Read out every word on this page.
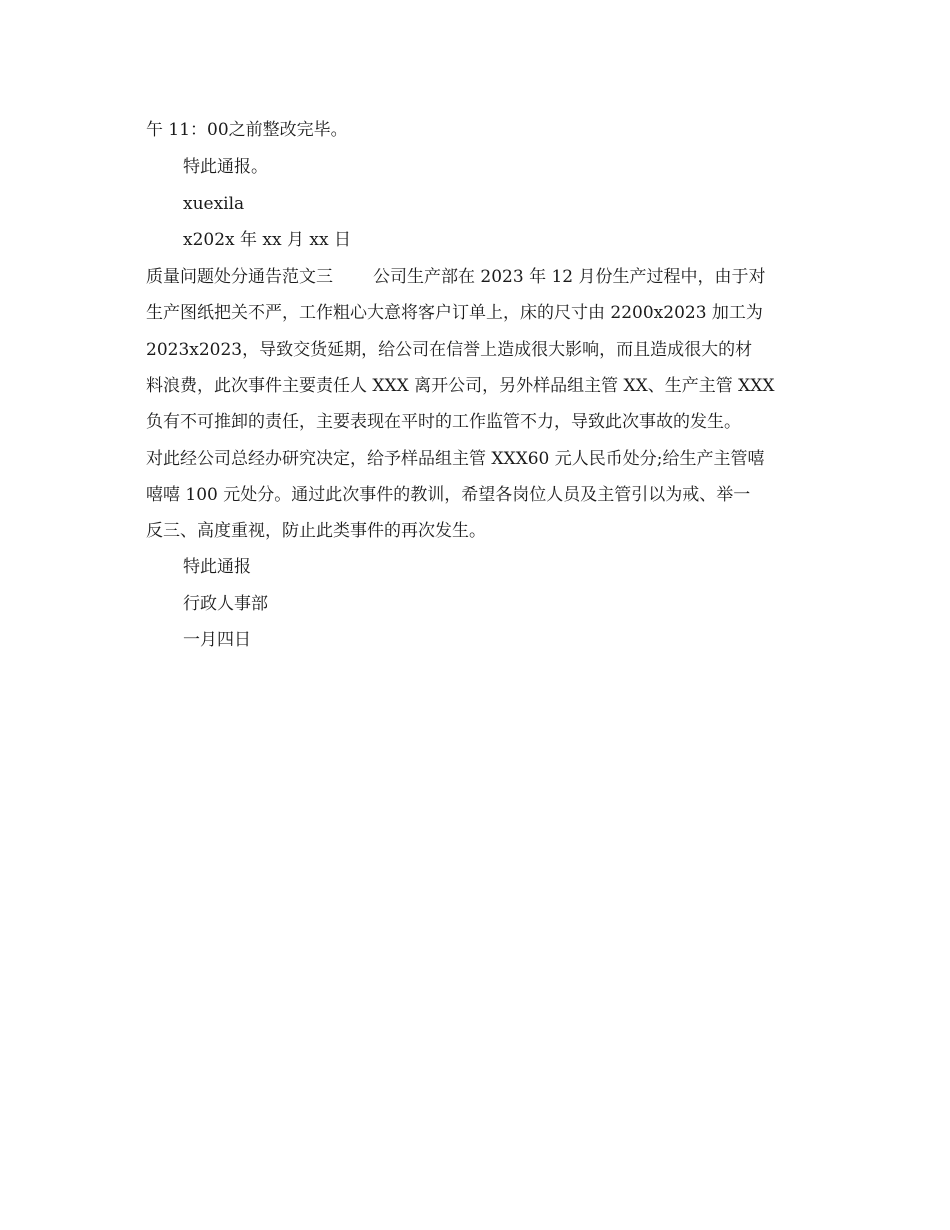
午 11：00之前整改完毕。
特此通报。
xuexila
x202x 年 xx 月 xx 日
质量问题处分通告范文三 公司生产部在 2023 年 12 月份生产过程中，由于对
生产图纸把关不严，工作粗心大意将客户订单上，床的尺寸由 2200x2023 加工为
2023x2023，导致交货延期，给公司在信誉上造成很大影响，而且造成很大的材
料浪费，此次事件主要责任人 XXX 离开公司，另外样品组主管 XX、生产主管 XXX
负有不可推卸的责任，主要表现在平时的工作监管不力，导致此次事故的发生。
对此经公司总经办研究决定，给予样品组主管 XXX60 元人民币处分;给生产主管嘻
嘻嘻 100 元处分。通过此次事件的教训，希望各岗位人员及主管引以为戒、举一
反三、高度重视，防止此类事件的再次发生。
特此通报
行政人事部
一月四日
